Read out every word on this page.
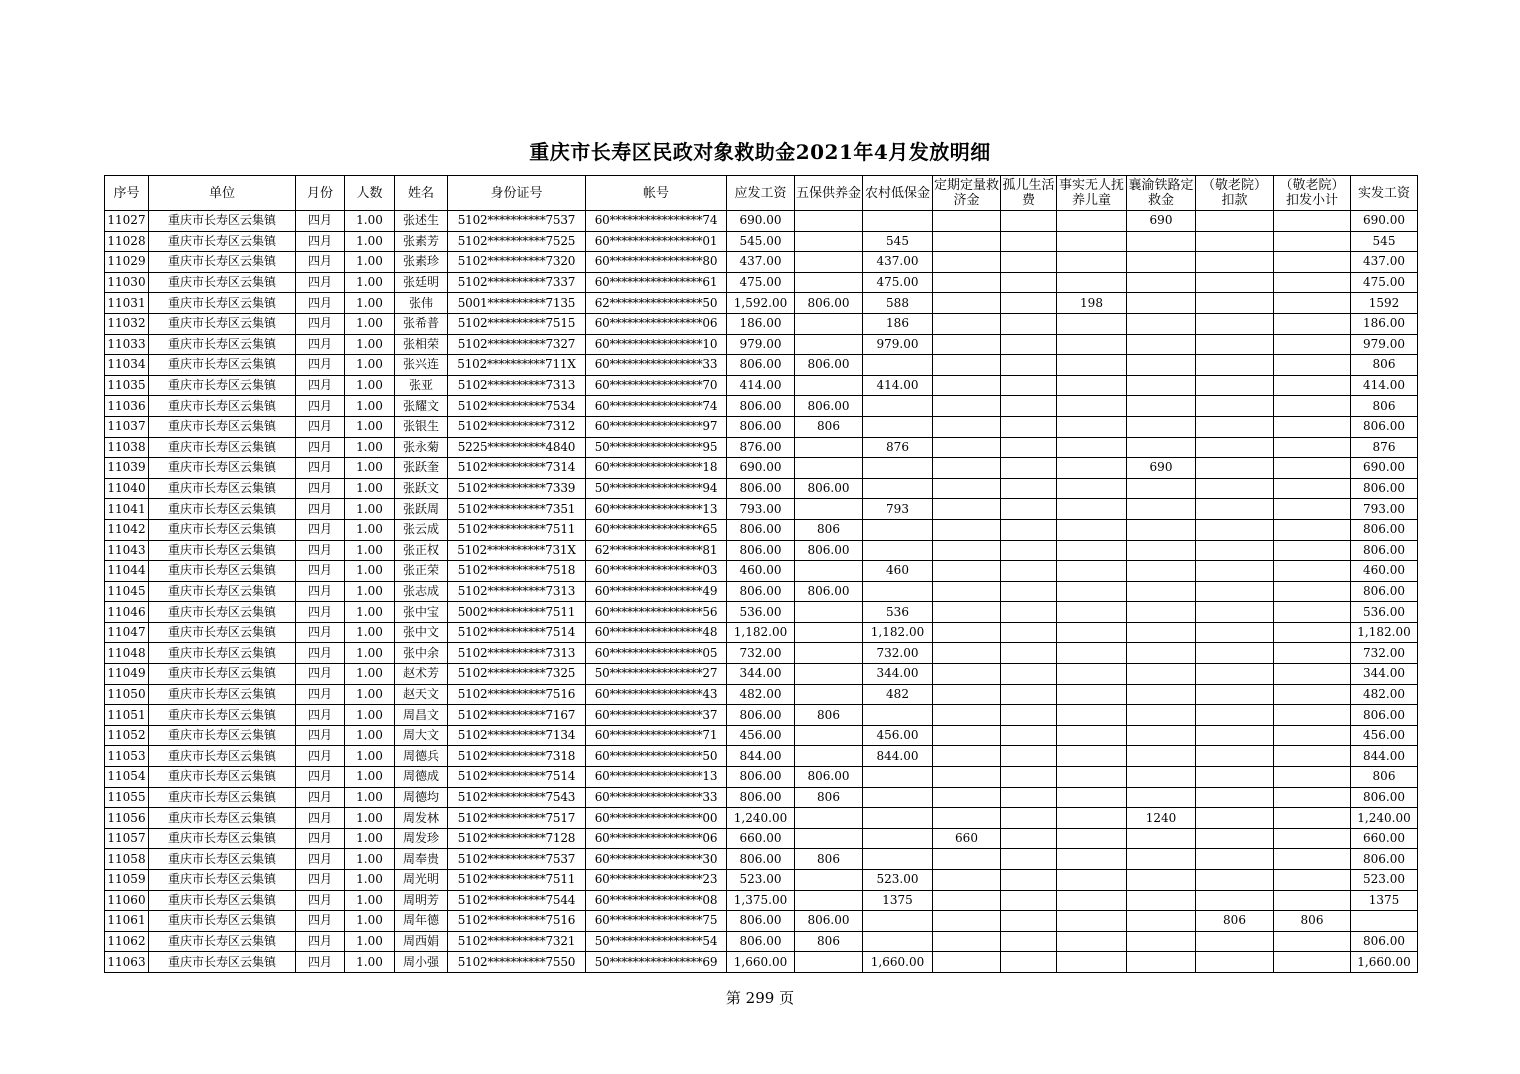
重庆市长寿区民政对象救助金2021年4月发放明细
序号	单位	月份	人数	姓名	身份证号	帐号	应发工资	五保供养金	农村低保金	定期定量救济金	孤儿生活费	事实无人抚养儿童	襄渝铁路定救金	（敬老院）扣款	（敬老院）扣发小计	实发工资
11027	重庆市长寿区云集镇	四月	1.00	张述生	5102**********7537	60****************74	690.00						690			690.00
11028	重庆市长寿区云集镇	四月	1.00	张素芳	5102**********7525	60****************01	545.00		545							545
11029	重庆市长寿区云集镇	四月	1.00	张素珍	5102**********7320	60****************80	437.00		437.00							437.00
11030	重庆市长寿区云集镇	四月	1.00	张廷明	5102**********7337	60****************61	475.00		475.00							475.00
11031	重庆市长寿区云集镇	四月	1.00	张伟	5001**********7135	62****************50	1,592.00	806.00	588			198				1592
11032	重庆市长寿区云集镇	四月	1.00	张希普	5102**********7515	60****************06	186.00		186							186.00
11033	重庆市长寿区云集镇	四月	1.00	张相荣	5102**********7327	60****************10	979.00		979.00							979.00
11034	重庆市长寿区云集镇	四月	1.00	张兴连	5102**********711X	60****************33	806.00	806.00								806
11035	重庆市长寿区云集镇	四月	1.00	张亚	5102**********7313	60****************70	414.00		414.00							414.00
11036	重庆市长寿区云集镇	四月	1.00	张耀文	5102**********7534	60****************74	806.00	806.00								806
11037	重庆市长寿区云集镇	四月	1.00	张银生	5102**********7312	60****************97	806.00	806								806.00
11038	重庆市长寿区云集镇	四月	1.00	张永菊	5225**********4840	50****************95	876.00		876							876
11039	重庆市长寿区云集镇	四月	1.00	张跃奎	5102**********7314	60****************18	690.00						690			690.00
11040	重庆市长寿区云集镇	四月	1.00	张跃文	5102**********7339	50****************94	806.00	806.00								806.00
11041	重庆市长寿区云集镇	四月	1.00	张跃周	5102**********7351	60****************13	793.00		793							793.00
11042	重庆市长寿区云集镇	四月	1.00	张云成	5102**********7511	60****************65	806.00	806								806.00
11043	重庆市长寿区云集镇	四月	1.00	张正权	5102**********731X	62****************81	806.00	806.00								806.00
11044	重庆市长寿区云集镇	四月	1.00	张正荣	5102**********7518	60****************03	460.00		460							460.00
11045	重庆市长寿区云集镇	四月	1.00	张志成	5102**********7313	60****************49	806.00	806.00								806.00
11046	重庆市长寿区云集镇	四月	1.00	张中宝	5002**********7511	60****************56	536.00		536							536.00
11047	重庆市长寿区云集镇	四月	1.00	张中文	5102**********7514	60****************48	1,182.00		1,182.00							1,182.00
11048	重庆市长寿区云集镇	四月	1.00	张中余	5102**********7313	60****************05	732.00		732.00							732.00
11049	重庆市长寿区云集镇	四月	1.00	赵术芳	5102**********7325	50****************27	344.00		344.00							344.00
11050	重庆市长寿区云集镇	四月	1.00	赵天文	5102**********7516	60****************43	482.00		482							482.00
11051	重庆市长寿区云集镇	四月	1.00	周昌文	5102**********7167	60****************37	806.00	806								806.00
11052	重庆市长寿区云集镇	四月	1.00	周大文	5102**********7134	60****************71	456.00		456.00							456.00
11053	重庆市长寿区云集镇	四月	1.00	周德兵	5102**********7318	60****************50	844.00		844.00							844.00
11054	重庆市长寿区云集镇	四月	1.00	周德成	5102**********7514	60****************13	806.00	806.00								806
11055	重庆市长寿区云集镇	四月	1.00	周德均	5102**********7543	60****************33	806.00	806								806.00
11056	重庆市长寿区云集镇	四月	1.00	周发林	5102**********7517	60****************00	1,240.00						1240			1,240.00
11057	重庆市长寿区云集镇	四月	1.00	周发珍	5102**********7128	60****************06	660.00			660						660.00
11058	重庆市长寿区云集镇	四月	1.00	周奉贵	5102**********7537	60****************30	806.00	806								806.00
11059	重庆市长寿区云集镇	四月	1.00	周光明	5102**********7511	60****************23	523.00		523.00							523.00
11060	重庆市长寿区云集镇	四月	1.00	周明芳	5102**********7544	60****************08	1,375.00		1375							1375
11061	重庆市长寿区云集镇	四月	1.00	周年德	5102**********7516	60****************75	806.00	806.00						806	806	
11062	重庆市长寿区云集镇	四月	1.00	周西娟	5102**********7321	50****************54	806.00	806								806.00
11063	重庆市长寿区云集镇	四月	1.00	周小强	5102**********7550	50****************69	1,660.00		1,660.00							1,660.00
第 299 页
